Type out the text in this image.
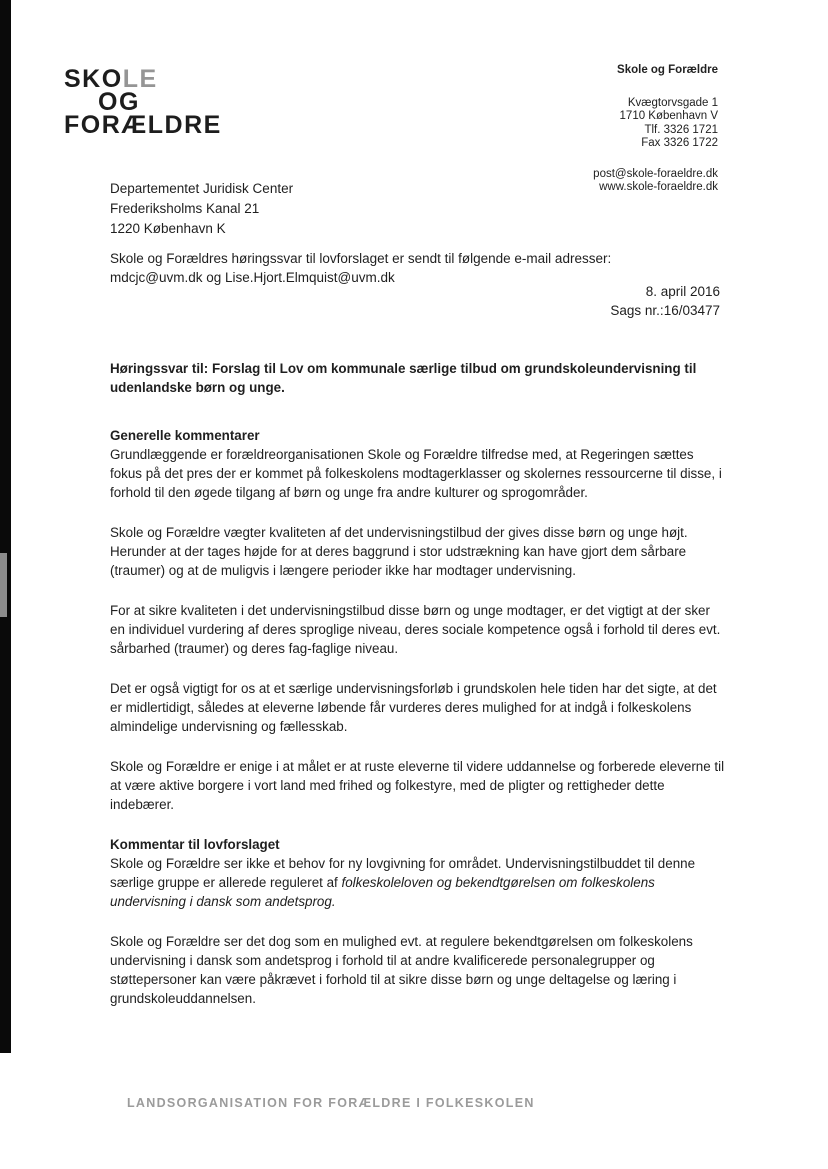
SKOLE
OG
FORÆLDRE
Skole og Forældre
Kvægtorvsgade 1
1710 København V
Tlf. 3326 1721
Fax 3326 1722
post@skole-foraeldre.dk
www.skole-foraeldre.dk
Departementet Juridisk Center
Frederiksholms Kanal 21
1220 København K
Skole og Forældres høringssvar til lovforslaget er sendt til følgende e-mail adresser:
mdcjc@uvm.dk og Lise.Hjort.Elmquist@uvm.dk
8. april 2016
Sags nr.:16/03477
Høringssvar til: Forslag til Lov om kommunale særlige tilbud om grundskoleundervisning til udenlandske børn og unge.
Generelle kommentarer

Grundlæggende er forældreorganisationen Skole og Forældre tilfredse med, at Regeringen sættes fokus på det pres der er kommet på folkeskolens modtagerklasser og skolernes ressourcerne til disse, i forhold til den øgede tilgang af børn og unge fra andre kulturer og sprogområder.

Skole og Forældre vægter kvaliteten af det undervisningstilbud der gives disse børn og unge højt. Herunder at der tages højde for at deres baggrund i stor udstrækning kan have gjort dem sårbare (traumer) og at de muligvis i længere perioder ikke har modtager undervisning.

For at sikre kvaliteten i det undervisningstilbud disse børn og unge modtager, er det vigtigt at der sker en individuel vurdering af deres sproglige niveau, deres sociale kompetence også i forhold til deres evt. sårbarhed (traumer) og deres fag-faglige niveau.

Det er også vigtigt for os at et særlige undervisningsforløb i grundskolen hele tiden har det sigte, at det er midlertidigt, således at eleverne løbende får vurderes deres mulighed for at indgå i folkeskolens almindelige undervisning og fællesskab.

Skole og Forældre er enige i at målet er at ruste eleverne til videre uddannelse og forberede eleverne til at være aktive borgere i vort land med frihed og folkestyre, med de pligter og rettigheder dette indebærer.

Kommentar til lovforslaget

Skole og Forældre ser ikke et behov for ny lovgivning for området. Undervisningstilbuddet til denne særlige gruppe er allerede reguleret af folkeskoleloven og bekendtgørelsen om folkeskolens undervisning i dansk som andetsprog.

Skole og Forældre ser det dog som en mulighed evt. at regulere bekendtgørelsen om folkeskolens undervisning i dansk som andetsprog i forhold til at andre kvalificerede personalegrupper og støttepersoner kan være påkrævet i forhold til at sikre disse børn og unge deltagelse og læring i grundskoleuddannelsen.

LANDSORGANISATION FOR FORÆLDRE I FOLKESKOLEN
